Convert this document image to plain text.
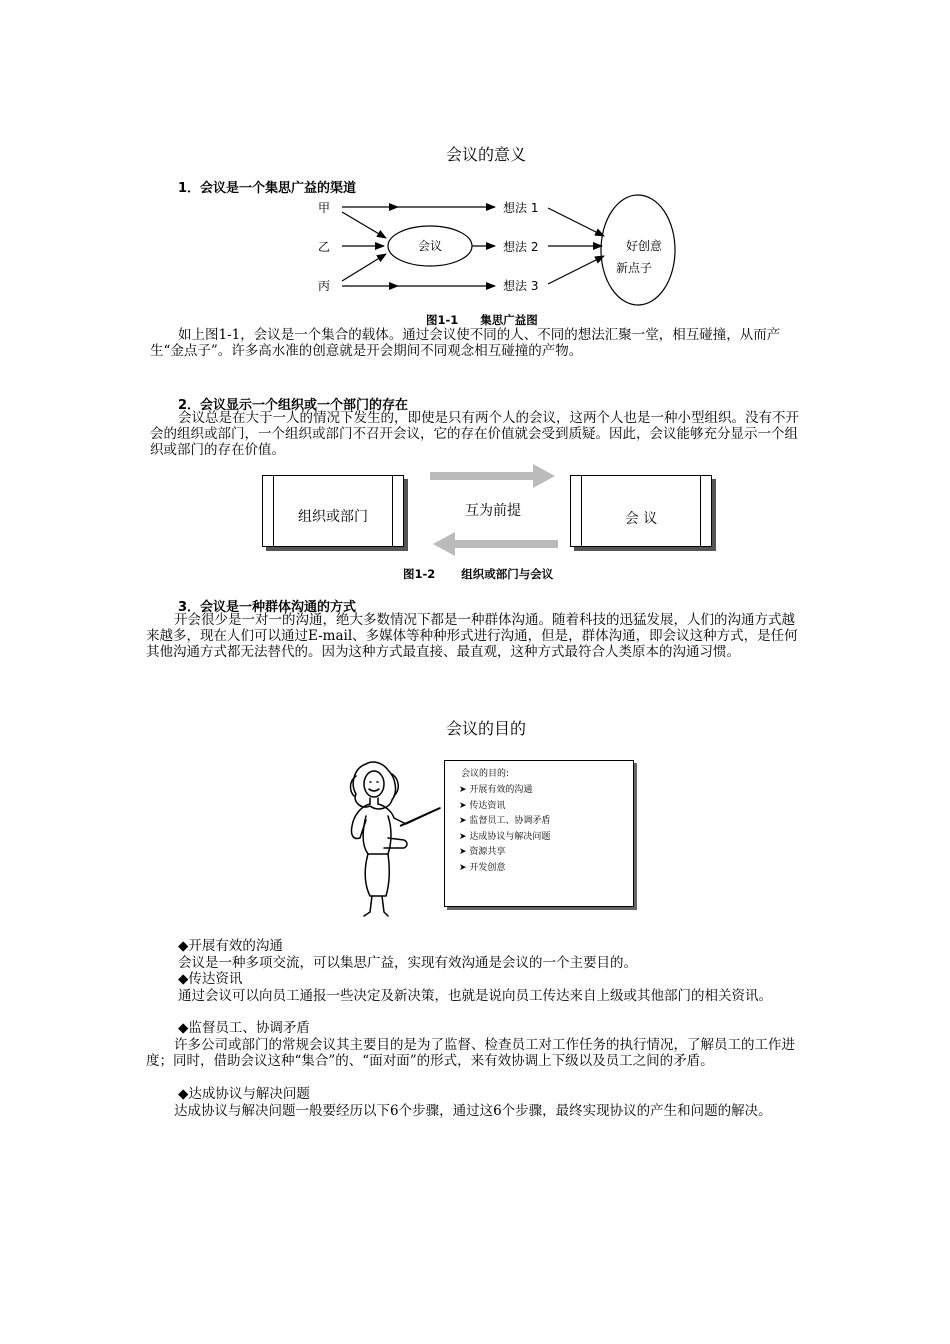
会议的意义
1．会议是一个集思广益的渠道
甲
乙
丙
会议
想法 1
想法 2
想法 3
好创意
新点子
图1-1 集思广益图
如上图1-1，会议是一个集合的载体。通过会议使不同的人、不同的想法汇聚一堂，相互碰撞，从而产生“金点子”。许多高水准的创意就是开会期间不同观念相互碰撞的产物。
2．会议显示一个组织或一个部门的存在
会议总是在大于一人的情况下发生的，即使是只有两个人的会议，这两个人也是一种小型组织。没有不开会的组织或部门，一个组织或部门不召开会议，它的存在价值就会受到质疑。因此，会议能够充分显示一个组织或部门的存在价值。
组织或部门	会 议
互为前提
图1-2 组织或部门与会议
3．会议是一种群体沟通的方式
开会很少是一对一的沟通，绝大多数情况下都是一种群体沟通。随着科技的迅猛发展，人们的沟通方式越来越多，现在人们可以通过E-mail、多媒体等种种形式进行沟通，但是，群体沟通，即会议这种方式，是任何其他沟通方式都无法替代的。因为这种方式最直接、最直观，这种方式最符合人类原本的沟通习惯。
会议的目的
会议的目的:
➤ 开展有效的沟通
➤ 传达资讯
➤ 监督员工、协调矛盾
➤ 达成协议与解决问题
➤ 资源共享
➤ 开发创意
◆开展有效的沟通
会议是一种多项交流，可以集思广益，实现有效沟通是会议的一个主要目的。
◆传达资讯
通过会议可以向员工通报一些决定及新决策，也就是说向员工传达来自上级或其他部门的相关资讯。
◆监督员工、协调矛盾
许多公司或部门的常规会议其主要目的是为了监督、检查员工对工作任务的执行情况，了解员工的工作进度；同时，借助会议这种“集合”的、“面对面”的形式，来有效协调上下级以及员工之间的矛盾。
◆达成协议与解决问题
达成协议与解决问题一般要经历以下6个步骤，通过这6个步骤，最终实现协议的产生和问题的解决。
